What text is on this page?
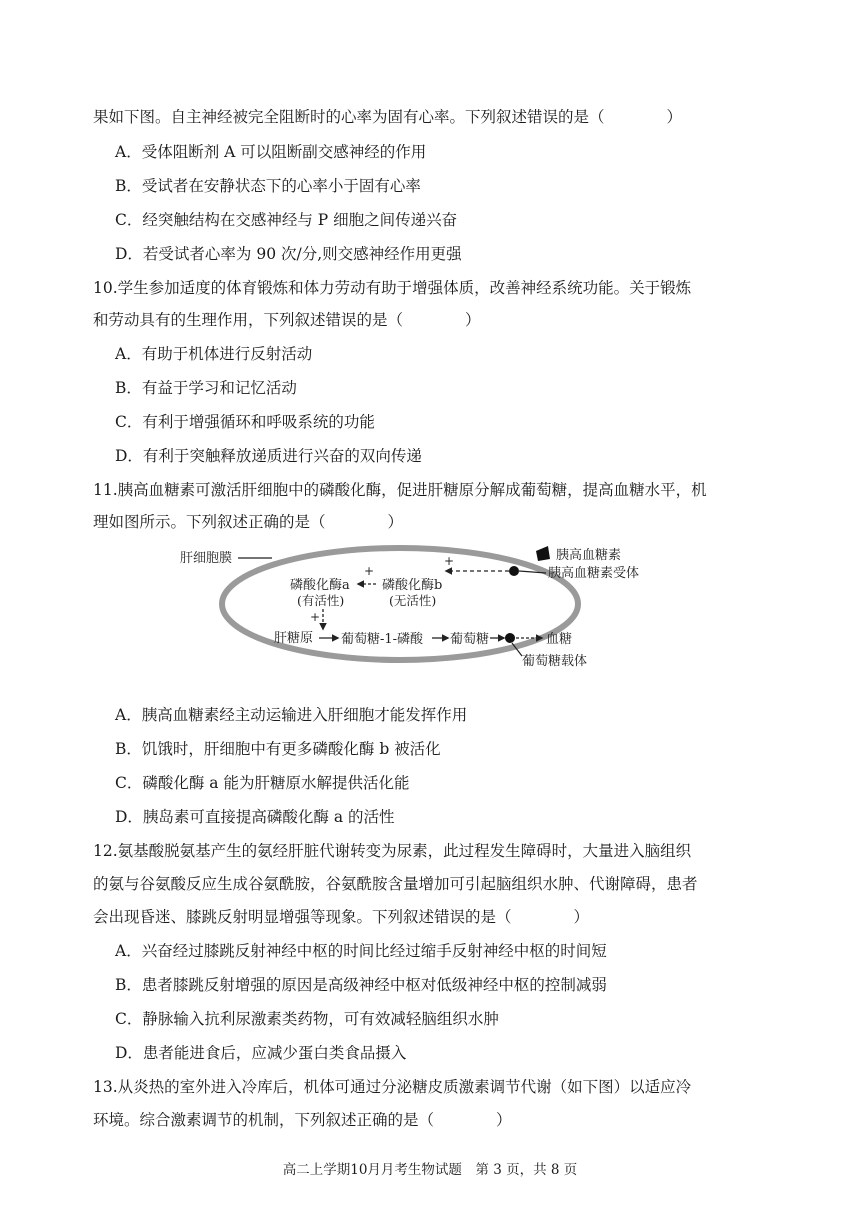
果如下图。自主神经被完全阻断时的心率为固有心率。下列叙述错误的是（　　　　）
A．受体阻断剂 A 可以阻断副交感神经的作用
B．受试者在安静状态下的心率小于固有心率
C．经突触结构在交感神经与 P 细胞之间传递兴奋
D．若受试者心率为 90 次/分,则交感神经作用更强
10.学生参加适度的体育锻炼和体力劳动有助于增强体质，改善神经系统功能。关于锻炼
和劳动具有的生理作用，下列叙述错误的是（　　　　）
A．有助于机体进行反射活动
B．有益于学习和记忆活动
C．有利于增强循环和呼吸系统的功能
D．有利于突触释放递质进行兴奋的双向传递
11.胰高血糖素可激活肝细胞中的磷酸化酶，促进肝糖原分解成葡萄糖，提高血糖水平，机
理如图所示。下列叙述正确的是（　　　　）
肝细胞膜	胰高血糖素
胰高血糖素受体
+
磷酸化酶a
(有活性)
磷酸化酶b
(无活性)
+
+
肝糖原 葡萄糖-1-磷酸 葡萄糖	血糖
葡萄糖载体
A．胰高血糖素经主动运输进入肝细胞才能发挥作用
B．饥饿时，肝细胞中有更多磷酸化酶 b 被活化
C．磷酸化酶 a 能为肝糖原水解提供活化能
D．胰岛素可直接提高磷酸化酶 a 的活性
12.氨基酸脱氨基产生的氨经肝脏代谢转变为尿素，此过程发生障碍时，大量进入脑组织
的氨与谷氨酸反应生成谷氨酰胺，谷氨酰胺含量增加可引起脑组织水肿、代谢障碍，患者
会出现昏迷、膝跳反射明显增强等现象。下列叙述错误的是（　　　　）
A．兴奋经过膝跳反射神经中枢的时间比经过缩手反射神经中枢的时间短
B．患者膝跳反射增强的原因是高级神经中枢对低级神经中枢的控制减弱
C．静脉输入抗利尿激素类药物，可有效减轻脑组织水肿
D．患者能进食后，应减少蛋白类食品摄入
13.从炎热的室外进入冷库后，机体可通过分泌糖皮质激素调节代谢（如下图）以适应冷
环境。综合激素调节的机制，下列叙述正确的是（　　　　）
高二上学期10月月考生物试题　第 3 页，共 8 页
